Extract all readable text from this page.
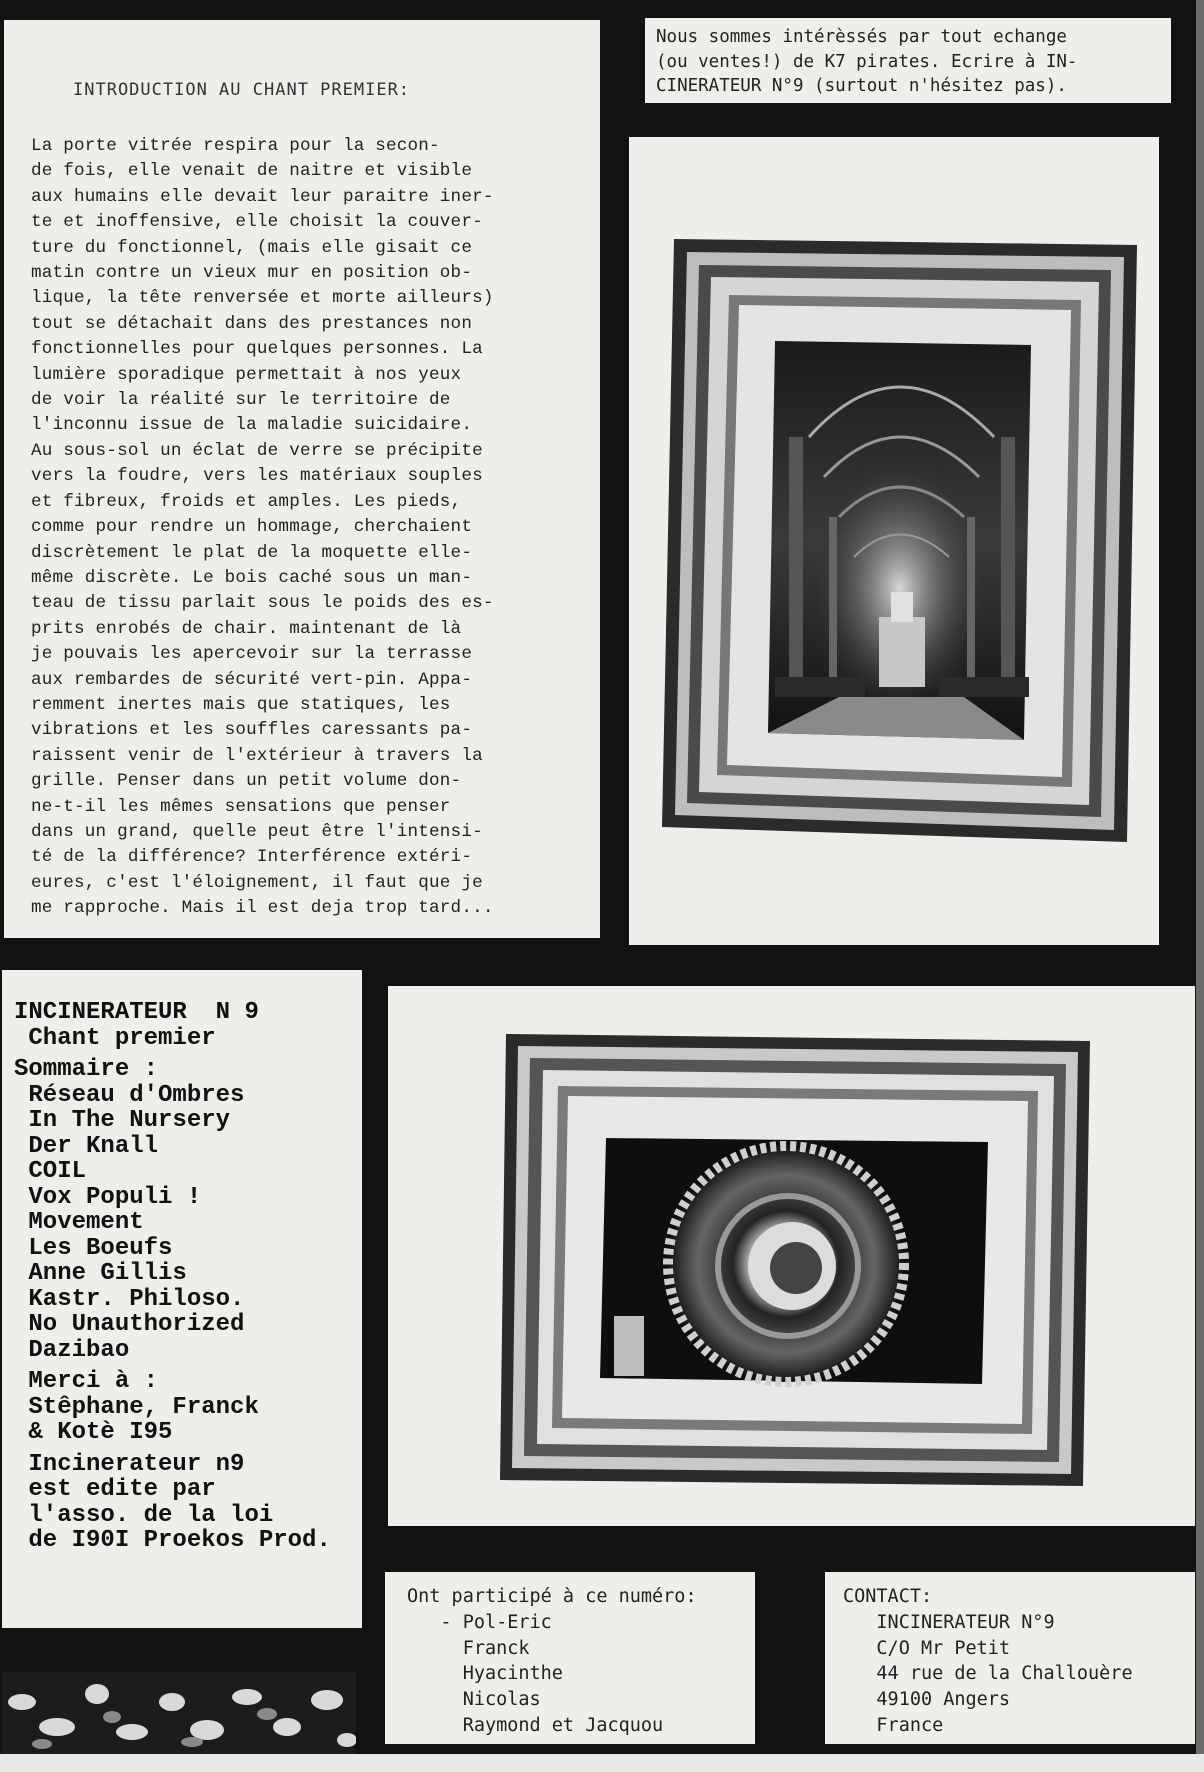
INTRODUCTION AU CHANT PREMIER:
La porte vitrée respira pour la secon-
de fois, elle venait de naitre et visible
aux humains elle devait leur paraitre iner-
te et inoffensive, elle choisit la couver-
ture du fonctionnel, (mais elle gisait ce
matin contre un vieux mur en position ob-
lique, la tête renversée et morte ailleurs)
tout se détachait dans des prestances non
fonctionnelles pour quelques personnes. La
lumière sporadique permettait à nos yeux
de voir la réalité sur le territoire de
l'inconnu issue de la maladie suicidaire.
Au sous-sol un éclat de verre se précipite
vers la foudre, vers les matériaux souples
et fibreux, froids et amples. Les pieds,
comme pour rendre un hommage, cherchaient
discrètement le plat de la moquette elle-
même discrète. Le bois caché sous un man-
teau de tissu parlait sous le poids des es-
prits enrobés de chair. maintenant de là
je pouvais les apercevoir sur la terrasse
aux rembardes de sécurité vert-pin. Appa-
remment inertes mais que statiques, les
vibrations et les souffles caressants pa-
raissent venir de l'extérieur à travers la
grille. Penser dans un petit volume don-
ne-t-il les mêmes sensations que penser
dans un grand, quelle peut être l'intensi-
té de la différence? Interférence extéri-
eures, c'est l'éloignement, il faut que je
me rapproche. Mais il est deja trop tard...
Nous sommes intérèssés par tout echange
(ou ventes!) de K7 pirates. Ecrire à IN-
CINERATEUR N°9 (surtout n'hésitez pas).

INCINERATEUR  N 9

Chant premier

Sommaire :

Réseau d'Ombres

In The Nursery

Der Knall

COIL

Vox Populi !

Movement

Les Boeufs

Anne Gillis

Kastr. Philoso.

No Unauthorized

Dazibao

Merci à :

Stêphane, Franck

& Kotè I95

Incinerateur n9

est edite par

l'asso. de la loi

de I90I Proekos Prod.

Ont participé à ce numéro:
- Pol-Eric
Franck
Hyacinthe
Nicolas
Raymond et Jacquou
CONTACT:
INCINERATEUR N°9
C/O Mr Petit
44 rue de la Challouère
49100 Angers
France
